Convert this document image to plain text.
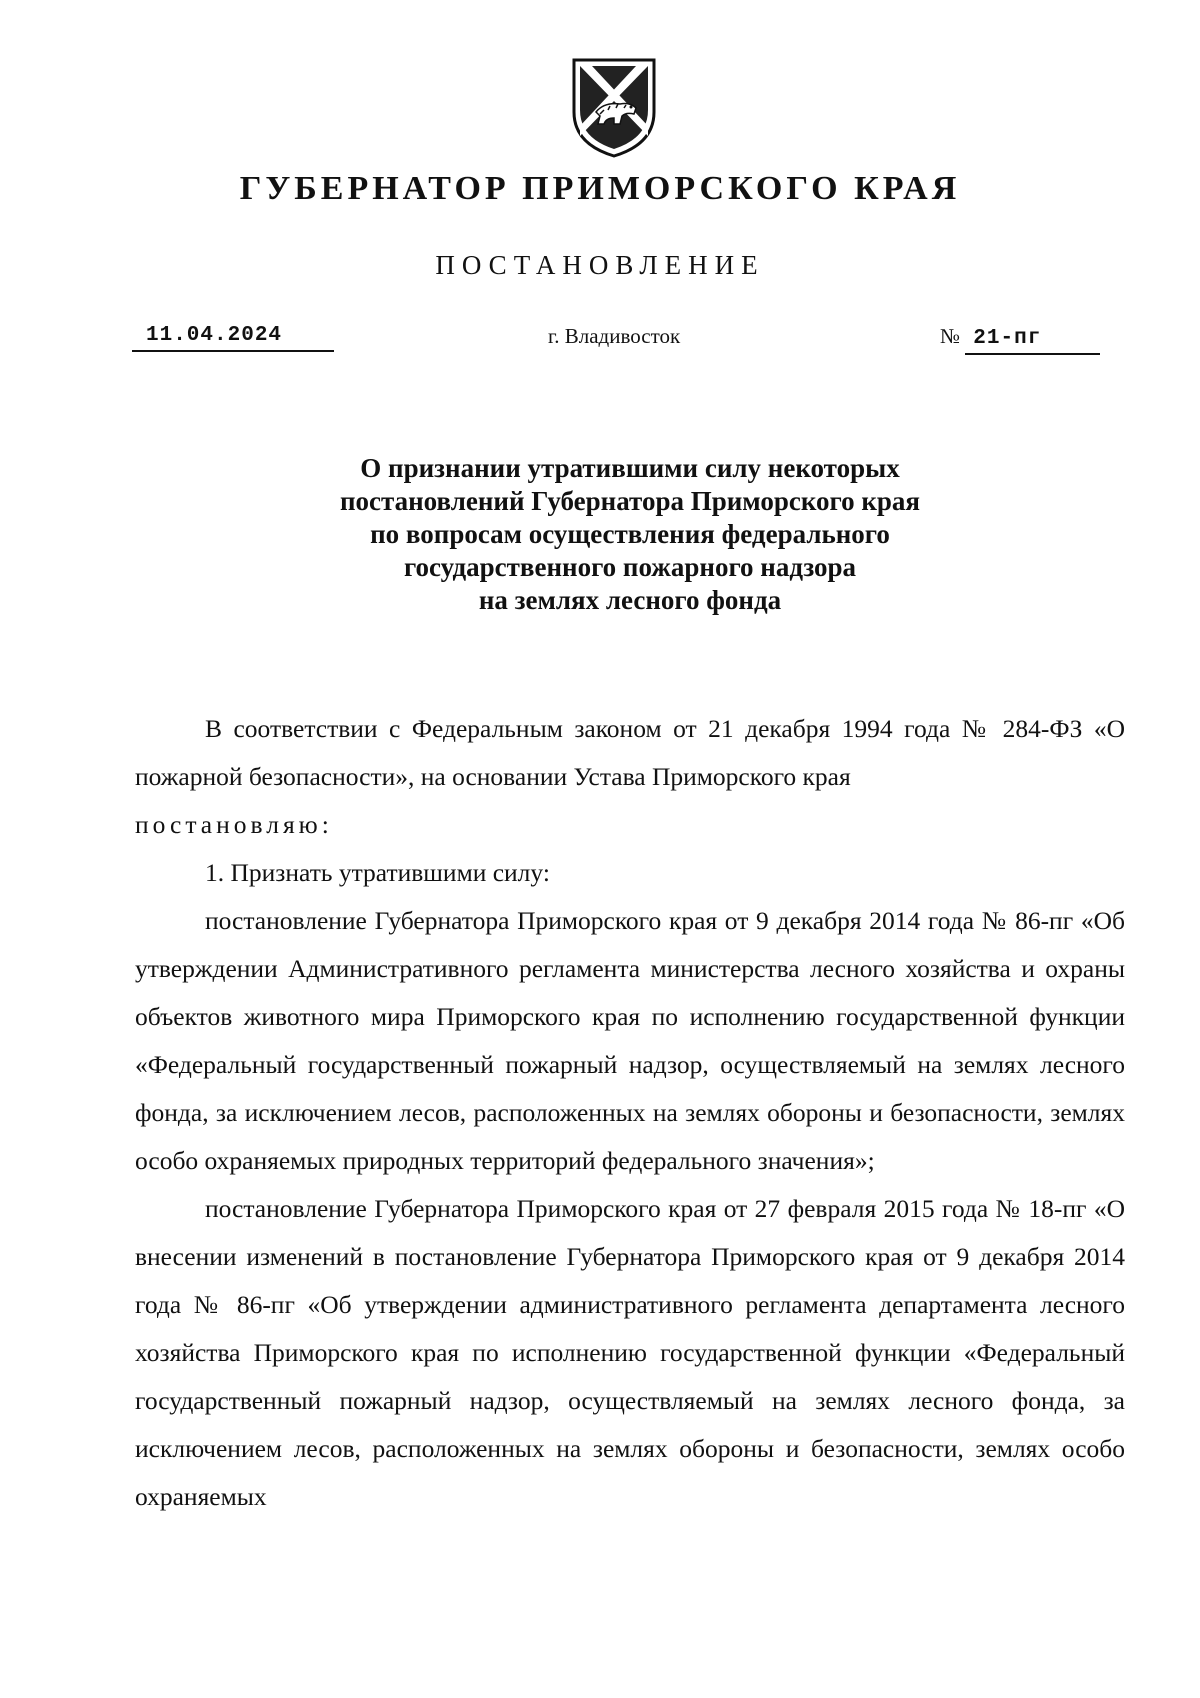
ГУБЕРНАТОР ПРИМОРСКОГО КРАЯ
ПОСТАНОВЛЕНИЕ
11.04.2024	г. Владивосток	№ 21-пг
О признании утратившими силу некоторых
постановлений Губернатора Приморского края
по вопросам осуществления федерального
государственного пожарного надзора
на землях лесного фонда

В соответствии с Федеральным законом от 21 декабря 1994 года № 284-ФЗ «О пожарной безопасности», на основании Устава Приморского края

постановляю:

1. Признать утратившими силу:

постановление Губернатора Приморского края от 9 декабря 2014 года № 86-пг «Об утверждении Административного регламента министерства лесного хозяйства и охраны объектов животного мира Приморского края по исполнению государственной функции «Федеральный государственный пожарный надзор, осуществляемый на землях лесного фонда, за исключением лесов, расположенных на землях обороны и безопасности, землях особо охраняемых природных территорий федерального значения»;

постановление Губернатора Приморского края от 27 февраля 2015 года № 18-пг «О внесении изменений в постановление Губернатора Приморского края от 9 декабря 2014 года № 86-пг «Об утверждении административного регламента департамента лесного хозяйства Приморского края по исполнению государственной функции «Федеральный государственный пожарный надзор, осуществляемый на землях лесного фонда, за исключением лесов, расположенных на землях обороны и безопасности, землях особо охраняемых
